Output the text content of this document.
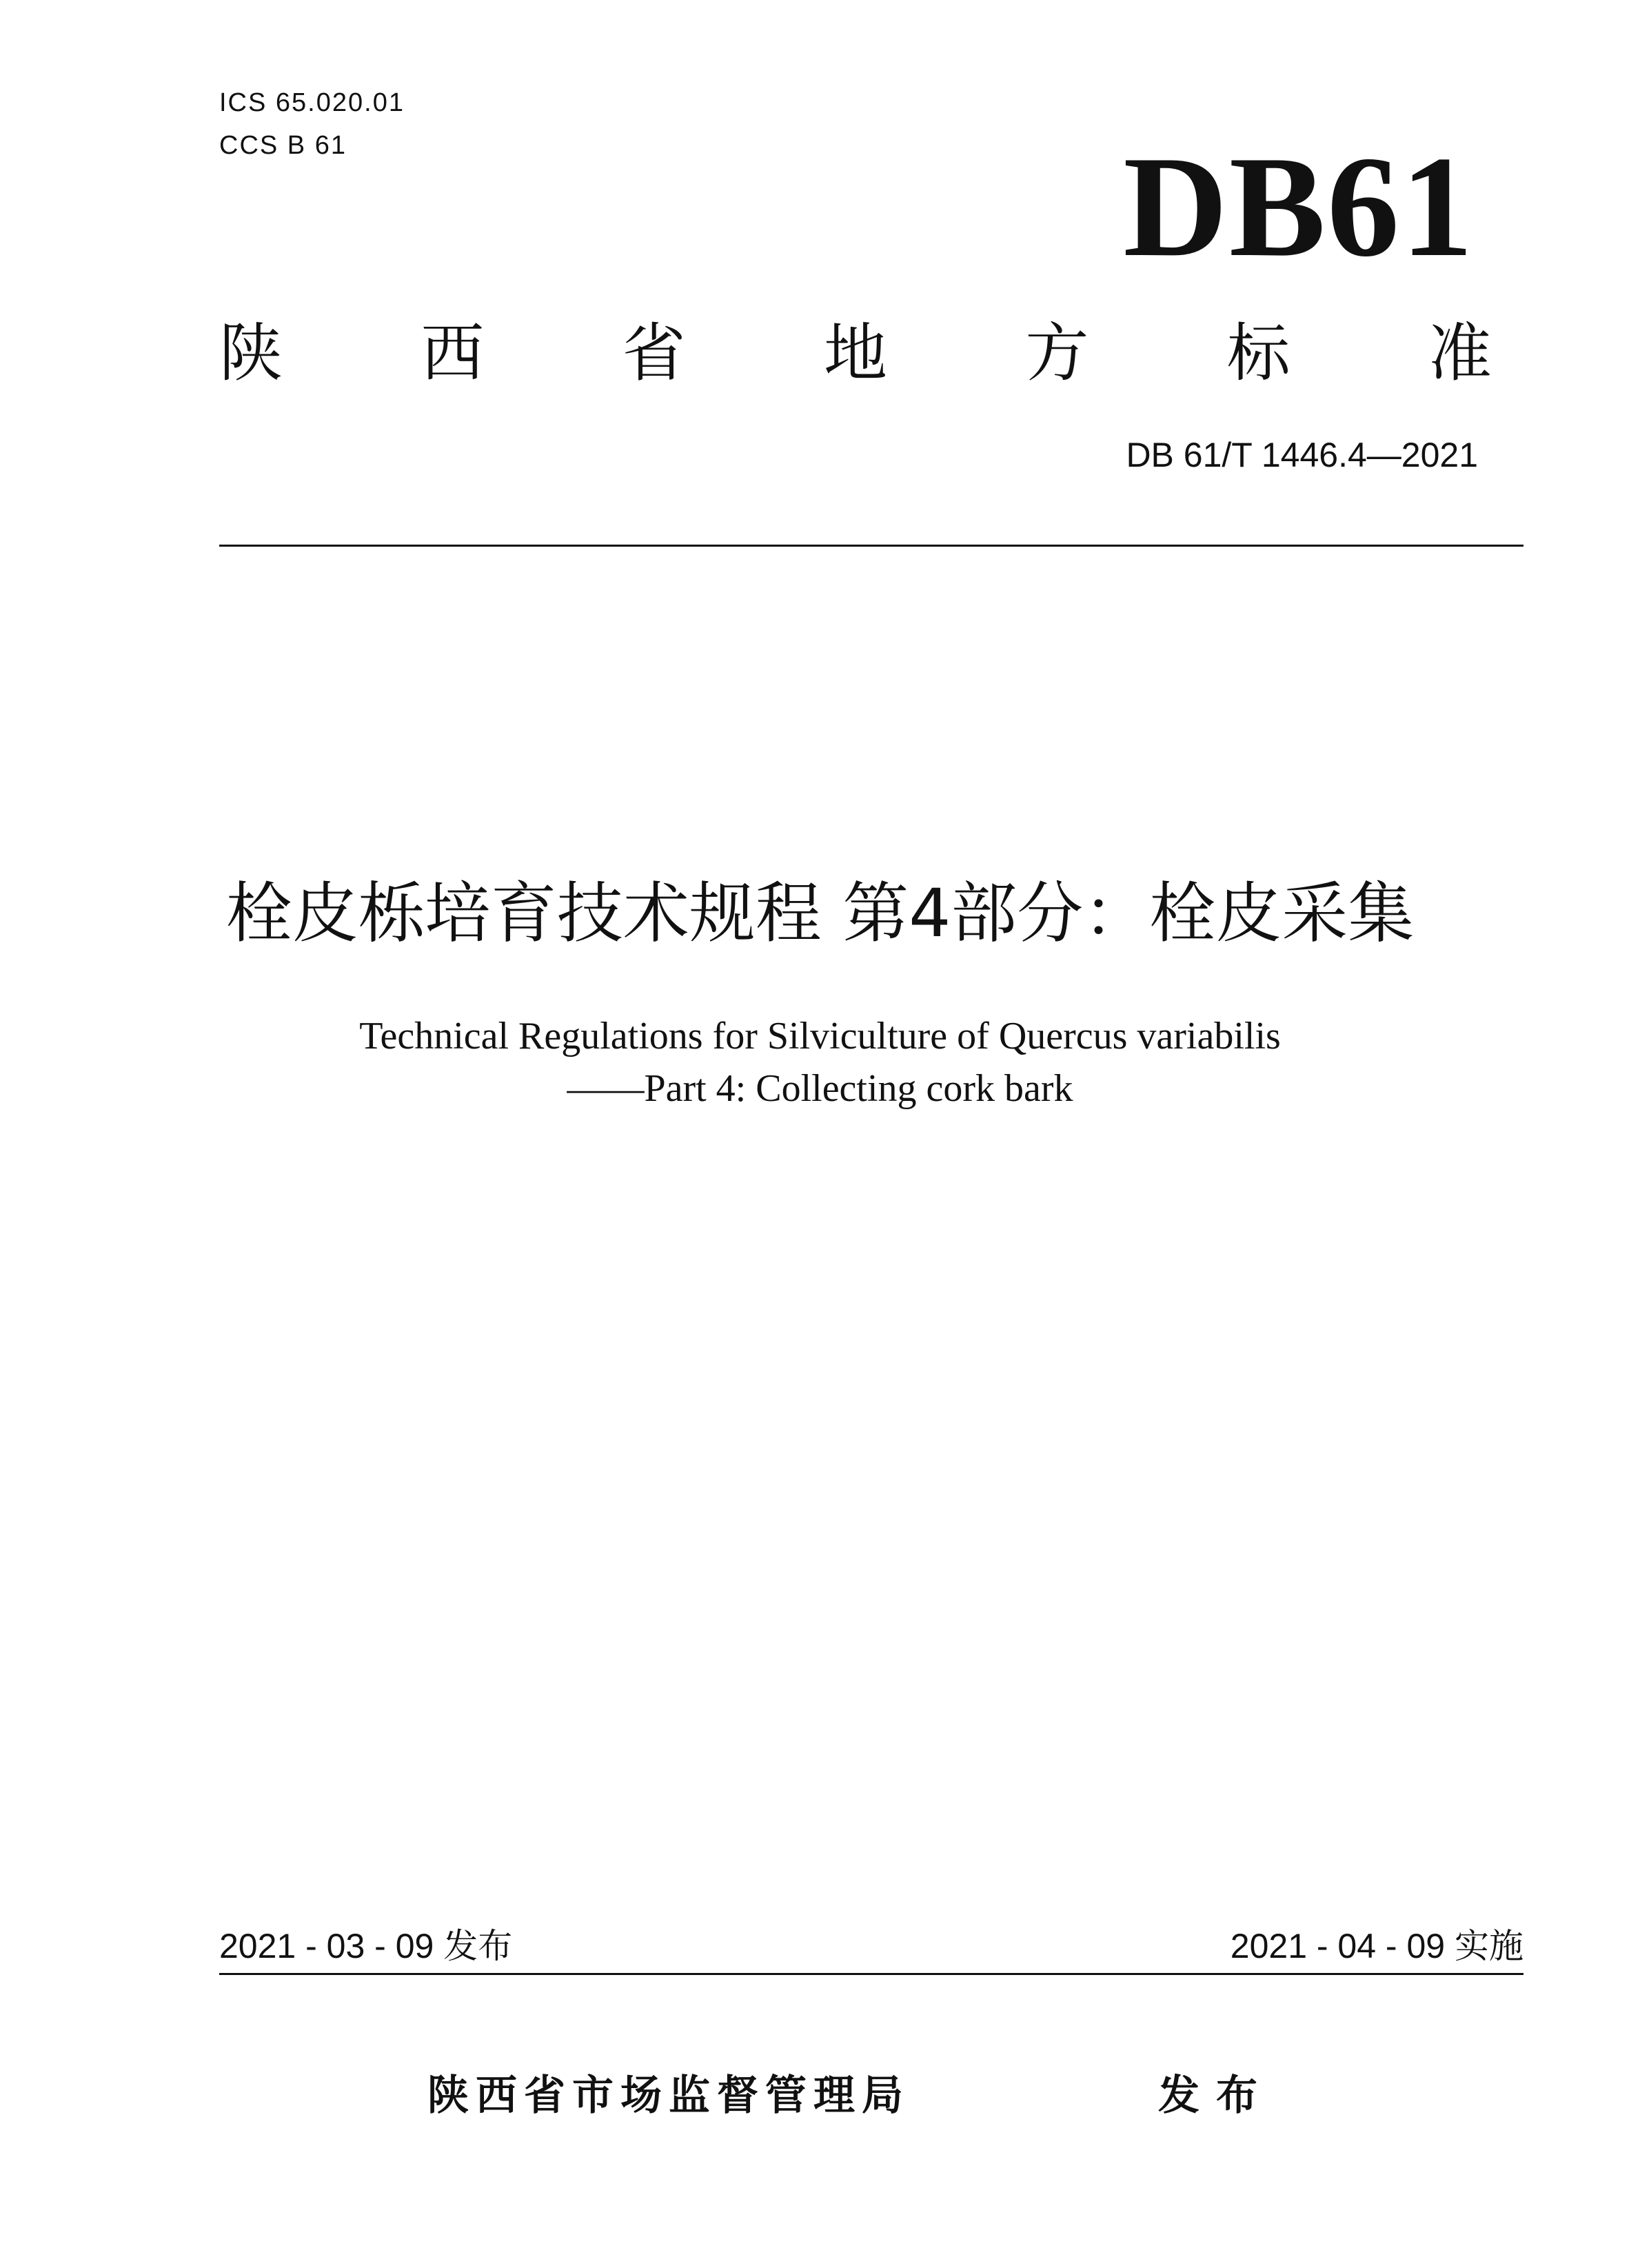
ICS 65.020.01
CCS B 61	DB61
陕 西 省 地 方 标 准
DB 61/T 1446.4—2021
栓皮栎培育技术规程 第4部分：栓皮采集
Technical Regulations for Silviculture of Quercus variabilis
——Part 4: Collecting cork bark
2021 - 03 - 09 发布	2021 - 04 - 09 实施
陕西省市场监督管理局	发布
